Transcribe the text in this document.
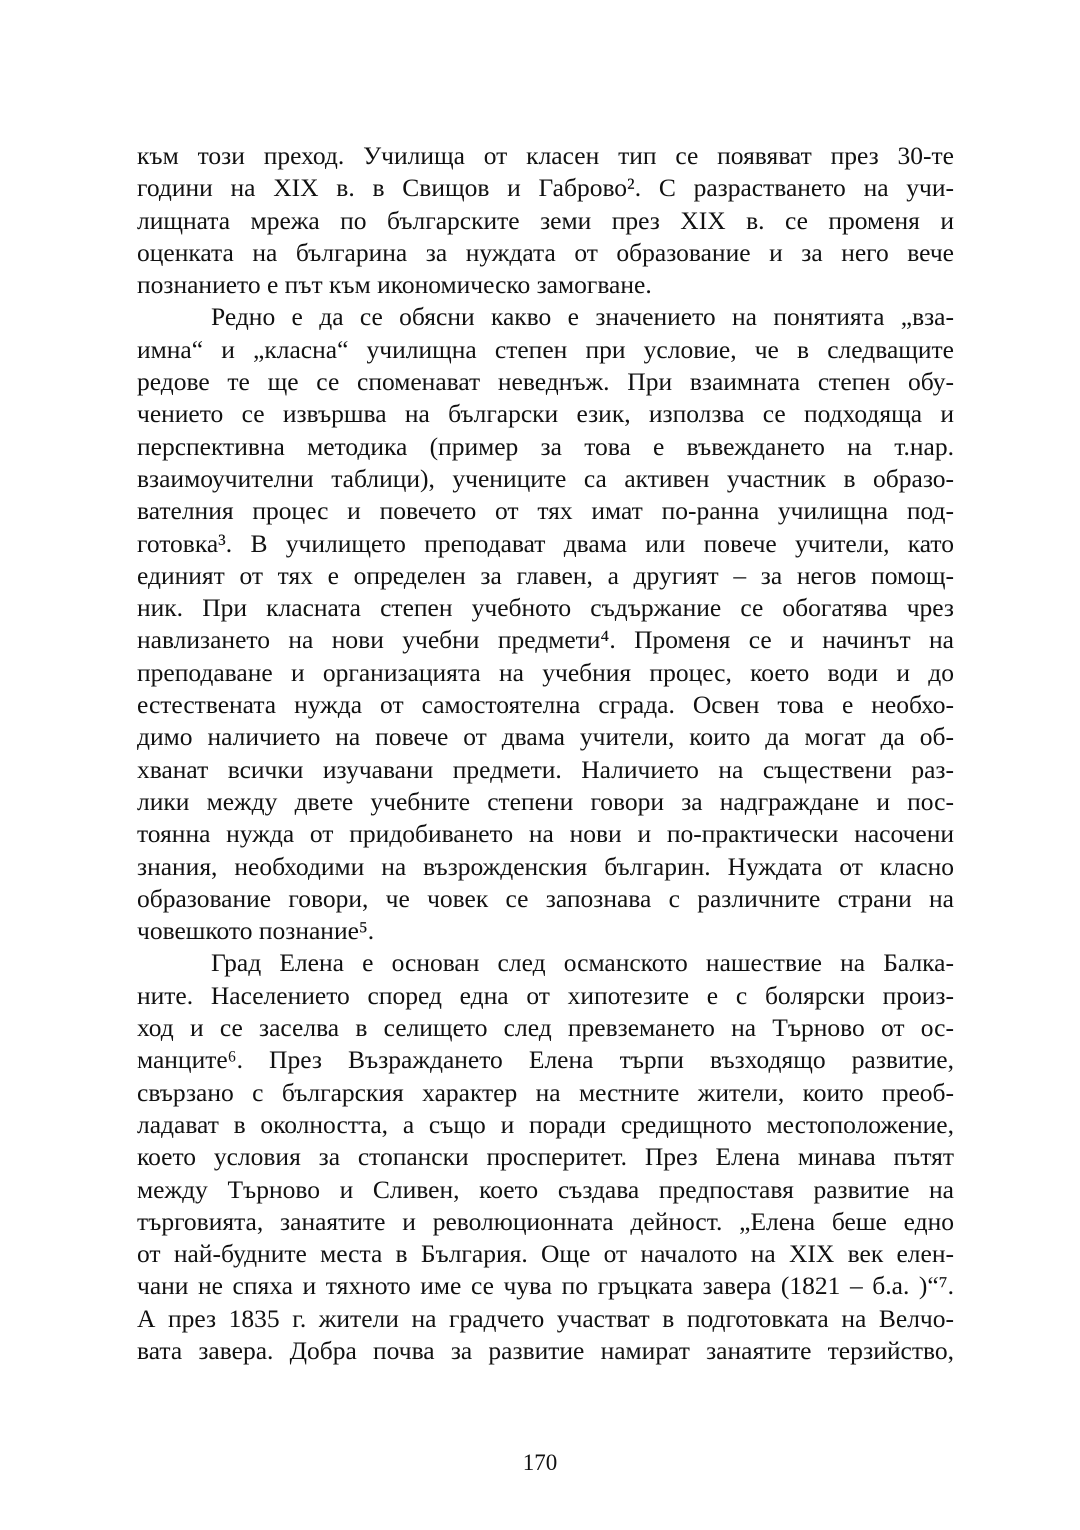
към този преход. Училища от класен тип се появяват през 30-те
години на XIX в. в Свищов и Габрово². С разрастването на учи-
лищната мрежа по българските земи през XIX в. се променя и
оценката на българина за нуждата от образование и за него вече
познанието е път към икономическо замогване.
Редно е да се обясни какво е значението на понятията „вза-
имна“ и „класна“ училищна степен при условие, че в следващите
редове те ще се споменават неведнъж. При взаимната степен обу-
чението се извършва на български език, използва се подходяща и
перспективна методика (пример за това е въвеждането на т.нар.
взаимоучителни таблици), учениците са активен участник в образо-
вателния процес и повечето от тях имат по-ранна училищна под-
готовка³. В училището преподават двама или повече учители, като
единият от тях е определен за главен, а другият – за негов помощ-
ник. При класната степен учебното съдържание се обогатява чрез
навлизането на нови учебни предмети⁴. Променя се и начинът на
преподаване и организацията на учебния процес, което води и до
естествената нужда от самостоятелна сграда. Освен това е необхо-
димо наличието на повече от двама учители, които да могат да об-
хванат всички изучавани предмети. Наличието на съществени раз-
лики между двете учебните степени говори за надграждане и пос-
тоянна нужда от придобиването на нови и по-практически насочени
знания, необходими на възрожденския българин. Нуждата от класно
образование говори, че човек се запознава с различните страни на
човешкото познание⁵.
Град Елена е основан след османското нашествие на Балка-
ните. Населението според една от хипотезите е с болярски произ-
ход и се заселва в селището след превземането на Търново от ос-
манците⁶. През Възраждането Елена търпи възходящо развитие,
свързано с българския характер на местните жители, които преоб-
ладават в околността, а също и поради средищното местоположение,
което условия за стопански просперитет. През Елена минава пътят
между Търново и Сливен, което създава предпоставя развитие на
търговията, занаятите и революционната дейност. „Елена беше едно
от най-будните места в България. Още от началото на XIX век елен-
чани не спяха и тяхното име се чува по гръцката завера (1821 – б.а. )“⁷.
А през 1835 г. жители на градчето участват в подготовката на Велчо-
вата завера. Добра почва за развитие намират занаятите терзийство,
170
